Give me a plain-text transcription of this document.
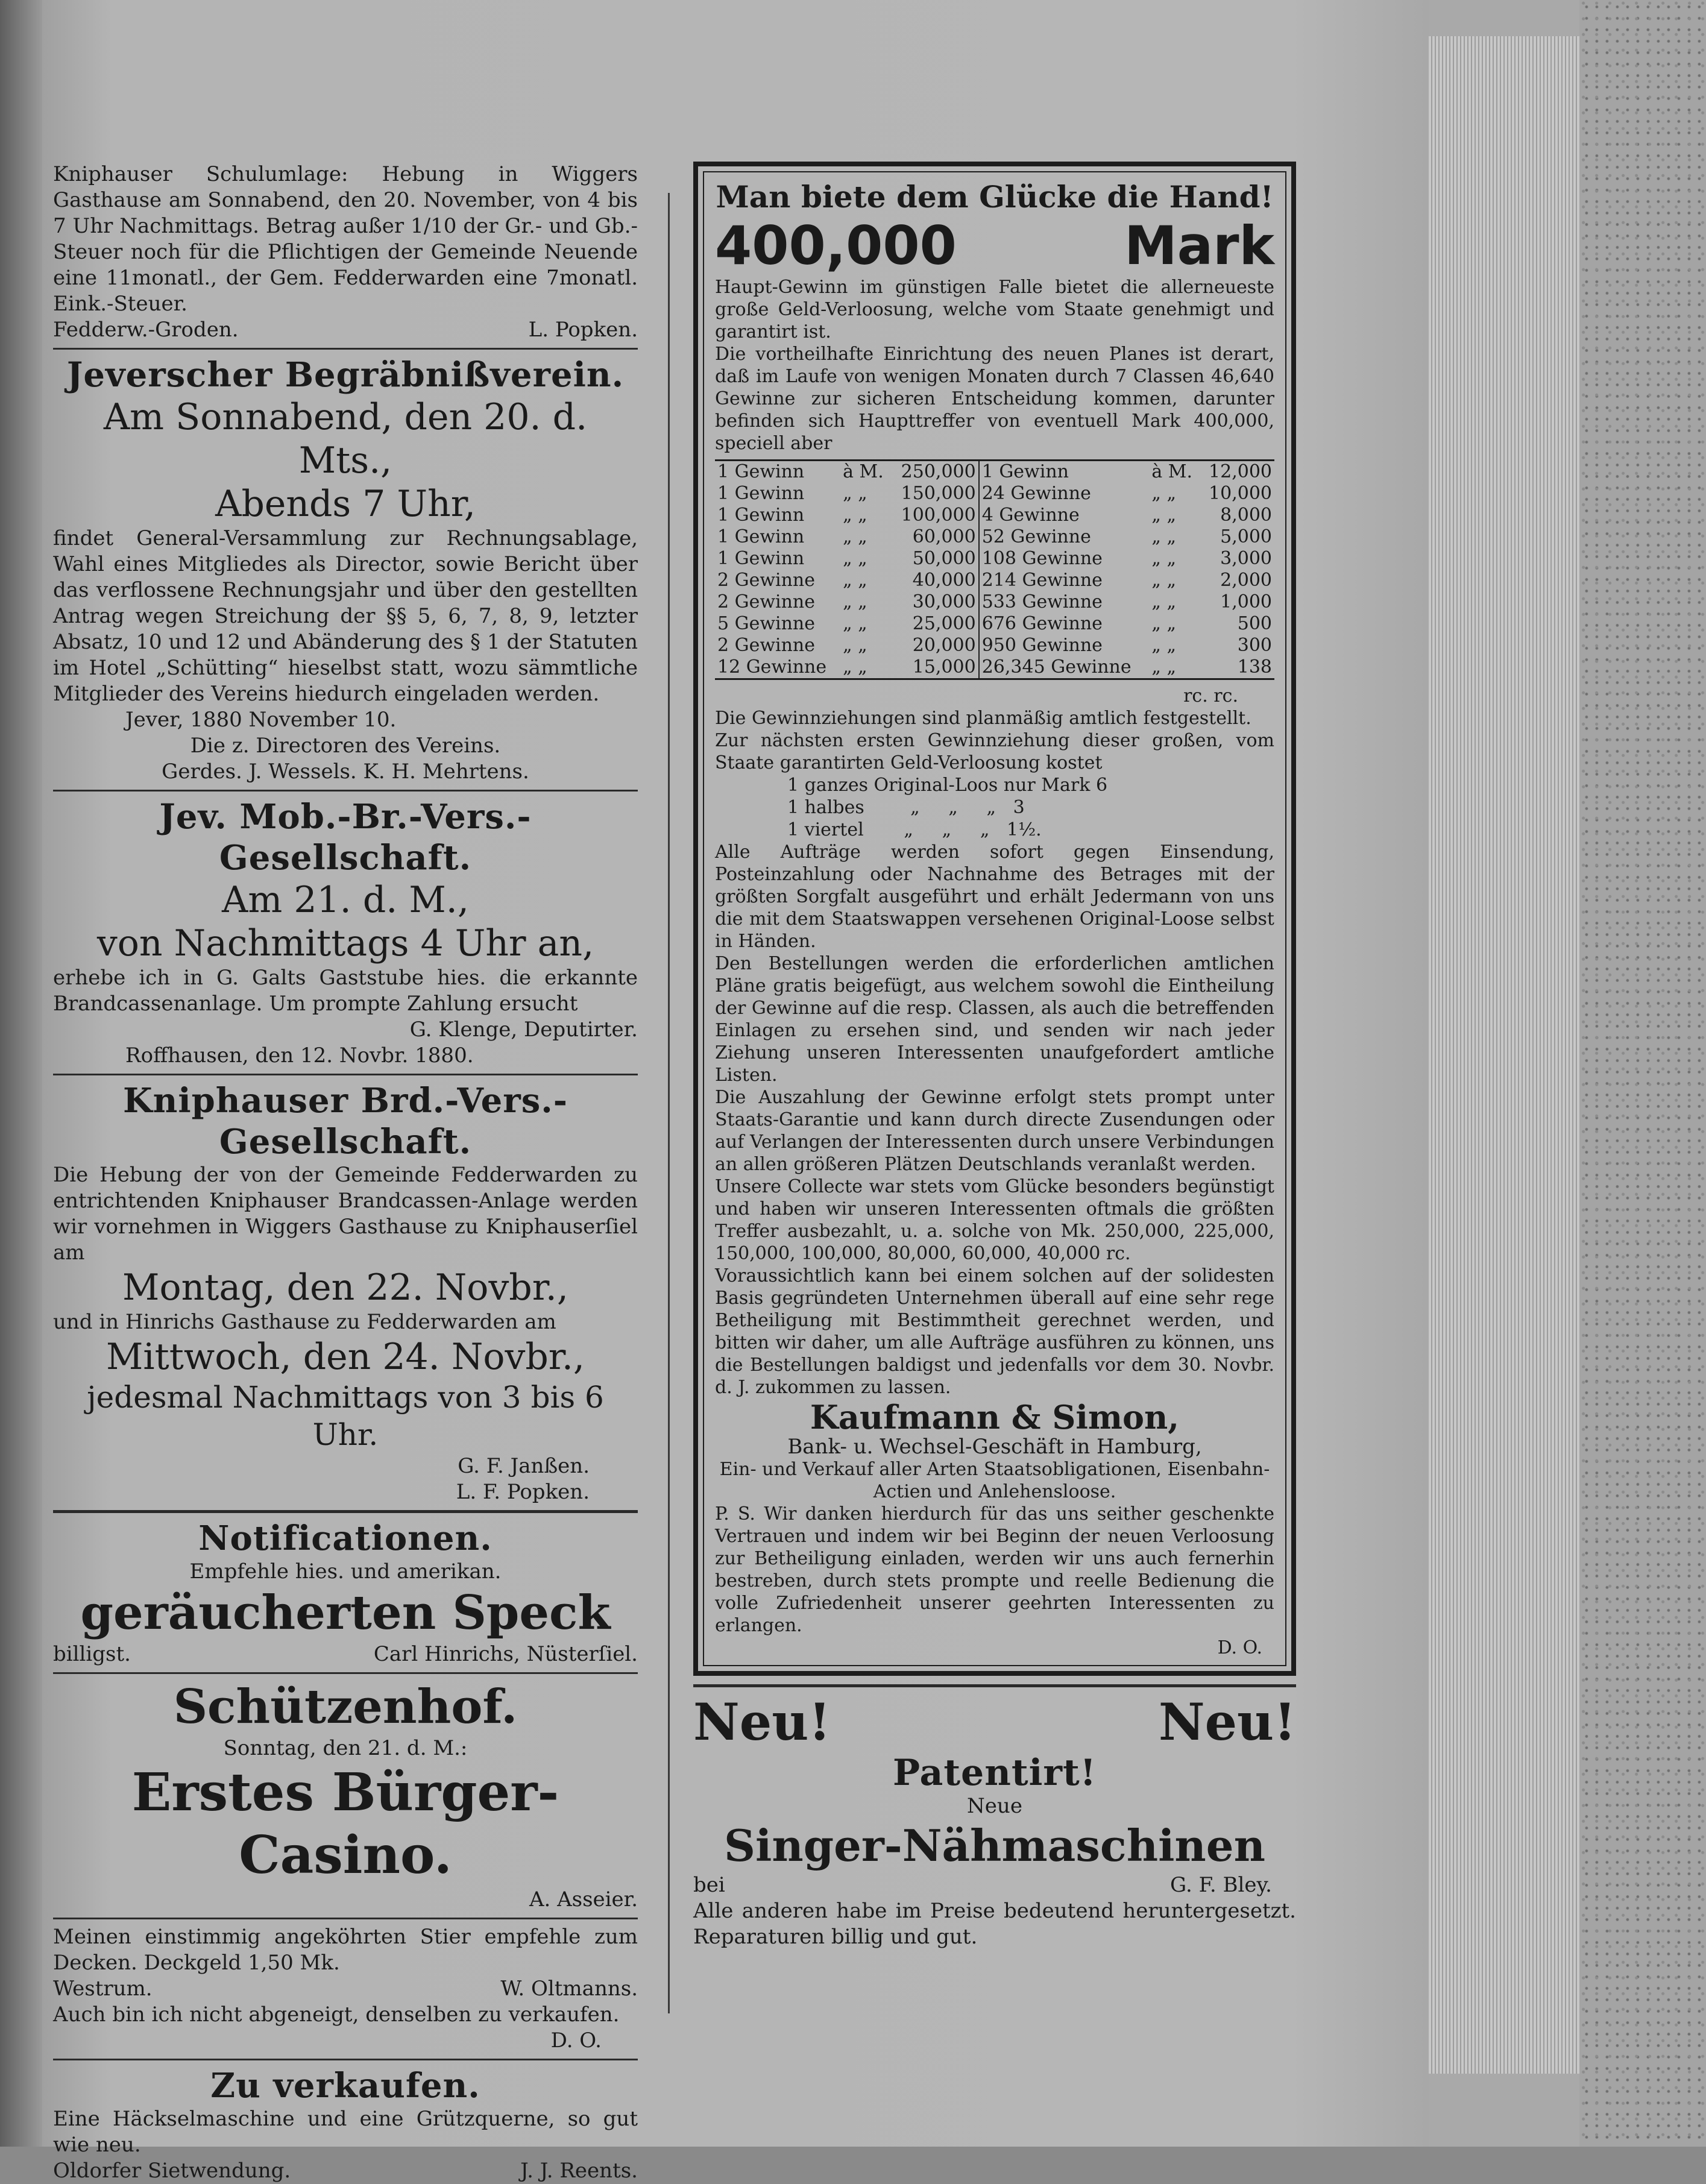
Kniphauser Schulumlage: Hebung in Wiggers Gasthause am Sonnabend, den 20. November, von 4 bis 7 Uhr Nachmittags. Betrag außer 1/10 der Gr.- und Gb.-Steuer noch für die Pflichtigen der Gemeinde Neuende eine 11monatl., der Gem. Fedderwarden eine 7monatl. Eink.-Steuer.

Fedderw.-Groden.	L. Popken.

Jeverscher Begräbnißverein.

Am Sonnabend, den 20. d. Mts.,

Abends 7 Uhr,

findet General-Versammlung zur Rechnungsablage, Wahl eines Mitgliedes als Director, sowie Bericht über das verflossene Rechnungsjahr und über den gestellten Antrag wegen Streichung der §§ 5, 6, 7, 8, 9, letzter Absatz, 10 und 12 und Abänderung des § 1 der Statuten im Hotel „Schütting“ hieselbst statt, wozu sämmtliche Mitglieder des Vereins hiedurch eingeladen werden.

Jever, 1880 November 10.

Die z. Directoren des Vereins.

Gerdes. J. Wessels. K. H. Mehrtens.

Jev. Mob.-Br.-Vers.-Gesellschaft.

Am 21. d. M.,

von Nachmittags 4 Uhr an,

erhebe ich in G. Galts Gaststube hies. die erkannte Brandcassenanlage. Um prompte Zahlung ersucht

G. Klenge, Deputirter.

Roffhausen, den 12. Novbr. 1880.

Kniphauser Brd.-Vers.-Gesellschaft.

Die Hebung der von der Gemeinde Fedderwarden zu entrichtenden Kniphauser Brandcassen-Anlage werden wir vornehmen in Wiggers Gasthause zu Kniphauserſiel am

Montag, den 22. Novbr.,

und in Hinrichs Gasthause zu Fedderwarden am

Mittwoch, den 24. Novbr.,

jedesmal Nachmittags von 3 bis 6 Uhr.

G. F. Janßen.

L. F. Popken.

Notificationen.

Empfehle hies. und amerikan.

geräucherten Speck

billigst.	Carl Hinrichs, Nüsterſiel.

Schützenhof.

Sonntag, den 21. d. M.:

Erstes Bürger-Casino.

A. Asseier.

Meinen einstimmig angeköhrten Stier empfehle zum Decken. Deckgeld 1,50 Mk.

Westrum.	W. Oltmanns.

Auch bin ich nicht abgeneigt, denselben zu verkaufen.

D. O.

Zu verkaufen.

Eine Häckselmaschine und eine Grützquerne, so gut wie neu.

Oldorfer Sietwendung.	J. J. Reents.

Man biete dem Glücke die Hand!

400,000	Mark

Haupt-Gewinn im günstigen Falle bietet die allerneueste große Geld-Verloosung, welche vom Staate genehmigt und garantirt ist.

Die vortheilhafte Einrichtung des neuen Planes ist derart, daß im Laufe von wenigen Monaten durch 7 Classen 46,640 Gewinne zur sicheren Entscheidung kommen, darunter befinden sich Haupttreffer von eventuell Mark 400,000, speciell aber

1 Gewinn	à M.	250,000	1 Gewinn	à M.	12,000
1 Gewinn	„ „	150,000	24 Gewinne	„ „	10,000
1 Gewinn	„ „	100,000	4 Gewinne	„ „	8,000
1 Gewinn	„ „	60,000	52 Gewinne	„ „	5,000
1 Gewinn	„ „	50,000	108 Gewinne	„ „	3,000
2 Gewinne	„ „	40,000	214 Gewinne	„ „	2,000
2 Gewinne	„ „	30,000	533 Gewinne	„ „	1,000
5 Gewinne	„ „	25,000	676 Gewinne	„ „	500
2 Gewinne	„ „	20,000	950 Gewinne	„ „	300
12 Gewinne	„ „	15,000	26,345 Gewinne	„ „	138

rc. rc.

Die Gewinnziehungen sind planmäßig amtlich festgestellt.

Zur nächsten ersten Gewinnziehung dieser großen, vom Staate garantirten Geld-Verloosung kostet

1 ganzes Original-Loos nur Mark 6

1 halbes        „     „     „   3

1 viertel       „     „     „   1½.

Alle Aufträge werden sofort gegen Einsendung, Posteinzahlung oder Nachnahme des Betrages mit der größten Sorgfalt ausgeführt und erhält Jedermann von uns die mit dem Staatswappen versehenen Original-Loose selbst in Händen.

Den Bestellungen werden die erforderlichen amtlichen Pläne gratis beigefügt, aus welchem sowohl die Eintheilung der Gewinne auf die resp. Classen, als auch die betreffenden Einlagen zu ersehen sind, und senden wir nach jeder Ziehung unseren Interessenten unaufgefordert amtliche Listen.

Die Auszahlung der Gewinne erfolgt stets prompt unter Staats-Garantie und kann durch directe Zusendungen oder auf Verlangen der Interessenten durch unsere Verbindungen an allen größeren Plätzen Deutschlands veranlaßt werden.

Unsere Collecte war stets vom Glücke besonders begünstigt und haben wir unseren Interessenten oftmals die größten Treffer ausbezahlt, u. a. solche von Mk. 250,000, 225,000, 150,000, 100,000, 80,000, 60,000, 40,000 rc.

Voraussichtlich kann bei einem solchen auf der solidesten Basis gegründeten Unternehmen überall auf eine sehr rege Betheiligung mit Bestimmtheit gerechnet werden, und bitten wir daher, um alle Aufträge ausführen zu können, uns die Bestellungen baldigst und jedenfalls vor dem 30. Novbr. d. J. zukommen zu lassen.

Kaufmann & Simon,

Bank- u. Wechsel-Geschäft in Hamburg,

Ein- und Verkauf aller Arten Staatsobligationen, Eisenbahn-Actien und Anlehensloose.

P. S. Wir danken hierdurch für das uns seither geschenkte Vertrauen und indem wir bei Beginn der neuen Verloosung zur Betheiligung einladen, werden wir uns auch fernerhin bestreben, durch stets prompte und reelle Bedienung die volle Zufriedenheit unserer geehrten Interessenten zu erlangen.

D. O.

Neu!	Neu!

Patentirt!

Neue

Singer-Nähmaschinen

bei	G. F. Bley.

Alle anderen habe im Preise bedeutend heruntergesetzt. Reparaturen billig und gut.
